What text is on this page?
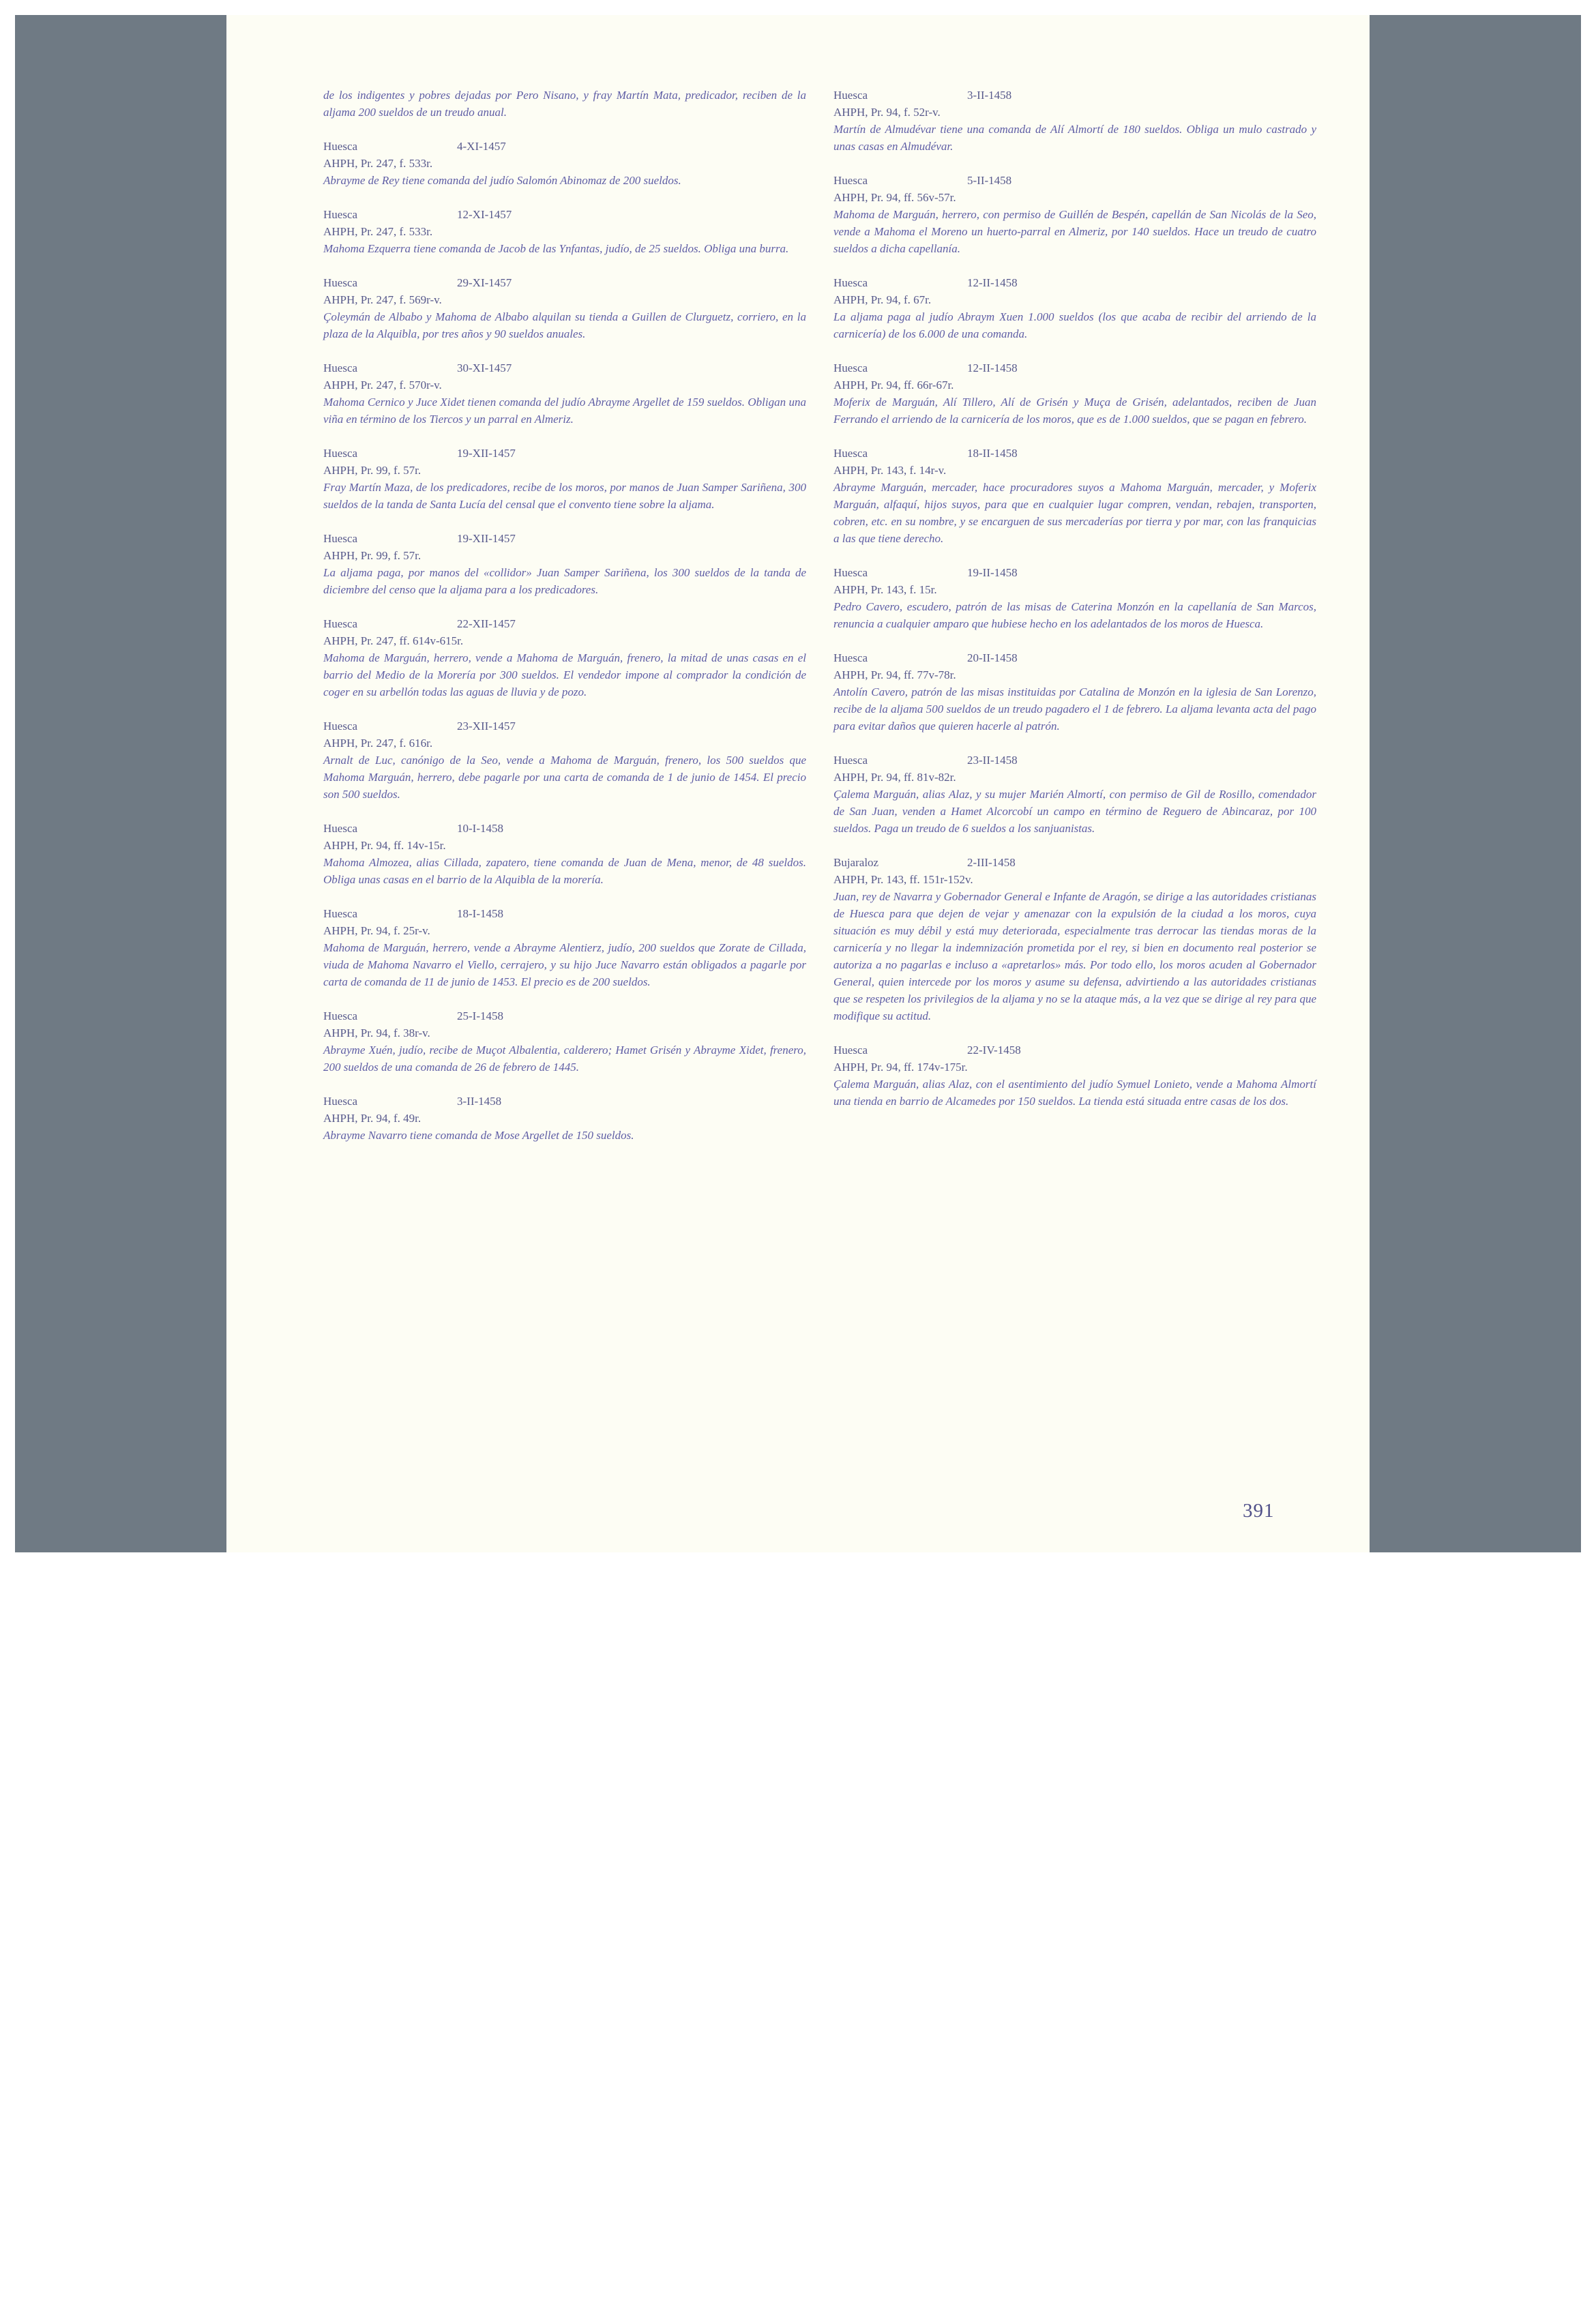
de los indigentes y pobres dejadas por Pero Nisano, y fray Martín Mata, predicador, reciben de la aljama 200 sueldos de un treudo anual.
Huesca	4-XI-1457
AHPH, Pr. 247, f. 533r.
Abrayme de Rey tiene comanda del judío Salomón Abinomaz de 200 sueldos.
Huesca	12-XI-1457
AHPH, Pr. 247, f. 533r.
Mahoma Ezquerra tiene comanda de Jacob de las Ynfantas, judío, de 25 sueldos. Obliga una burra.
Huesca	29-XI-1457
AHPH, Pr. 247, f. 569r-v.
Çoleymán de Albabo y Mahoma de Albabo alquilan su tienda a Guillen de Clurguetz, corriero, en la plaza de la Alquibla, por tres años y 90 sueldos anuales.
Huesca	30-XI-1457
AHPH, Pr. 247, f. 570r-v.
Mahoma Cernico y Juce Xidet tienen comanda del judío Abrayme Argellet de 159 sueldos. Obligan una viña en término de los Tiercos y un parral en Almeriz.
Huesca	19-XII-1457
AHPH, Pr. 99, f. 57r.
Fray Martín Maza, de los predicadores, recibe de los moros, por manos de Juan Samper Sariñena, 300 sueldos de la tanda de Santa Lucía del censal que el convento tiene sobre la aljama.
Huesca	19-XII-1457
AHPH, Pr. 99, f. 57r.
La aljama paga, por manos del «collidor» Juan Samper Sariñena, los 300 sueldos de la tanda de diciembre del censo que la aljama para a los predicadores.
Huesca	22-XII-1457
AHPH, Pr. 247, ff. 614v-615r.
Mahoma de Marguán, herrero, vende a Mahoma de Marguán, frenero, la mitad de unas casas en el barrio del Medio de la Morería por 300 sueldos. El vendedor impone al comprador la condición de coger en su arbellón todas las aguas de lluvia y de pozo.
Huesca	23-XII-1457
AHPH, Pr. 247, f. 616r.
Arnalt de Luc, canónigo de la Seo, vende a Mahoma de Marguán, frenero, los 500 sueldos que Mahoma Marguán, herrero, debe pagarle por una carta de comanda de 1 de junio de 1454. El precio son 500 sueldos.
Huesca	10-I-1458
AHPH, Pr. 94, ff. 14v-15r.
Mahoma Almozea, alias Cillada, zapatero, tiene comanda de Juan de Mena, menor, de 48 sueldos. Obliga unas casas en el barrio de la Alquibla de la morería.
Huesca	18-I-1458
AHPH, Pr. 94, f. 25r-v.
Mahoma de Marguán, herrero, vende a Abrayme Alentierz, judío, 200 sueldos que Zorate de Cillada, viuda de Mahoma Navarro el Viello, cerrajero, y su hijo Juce Navarro están obligados a pagarle por carta de comanda de 11 de junio de 1453. El precio es de 200 sueldos.
Huesca	25-I-1458
AHPH, Pr. 94, f. 38r-v.
Abrayme Xuén, judío, recibe de Muçot Albalentia, calderero; Hamet Grisén y Abrayme Xidet, frenero, 200 sueldos de una comanda de 26 de febrero de 1445.
Huesca	3-II-1458
AHPH, Pr. 94, f. 49r.
Abrayme Navarro tiene comanda de Mose Argellet de 150 sueldos.
Huesca	3-II-1458
AHPH, Pr. 94, f. 52r-v.
Martín de Almudévar tiene una comanda de Alí Almortí de 180 sueldos. Obliga un mulo castrado y unas casas en Almudévar.
Huesca	5-II-1458
AHPH, Pr. 94, ff. 56v-57r.
Mahoma de Marguán, herrero, con permiso de Guillén de Bespén, capellán de San Nicolás de la Seo, vende a Mahoma el Moreno un huerto-parral en Almeriz, por 140 sueldos. Hace un treudo de cuatro sueldos a dicha capellanía.
Huesca	12-II-1458
AHPH, Pr. 94, f. 67r.
La aljama paga al judío Abraym Xuen 1.000 sueldos (los que acaba de recibir del arriendo de la carnicería) de los 6.000 de una comanda.
Huesca	12-II-1458
AHPH, Pr. 94, ff. 66r-67r.
Moferix de Marguán, Alí Tillero, Alí de Grisén y Muça de Grisén, adelantados, reciben de Juan Ferrando el arriendo de la carnicería de los moros, que es de 1.000 sueldos, que se pagan en febrero.
Huesca	18-II-1458
AHPH, Pr. 143, f. 14r-v.
Abrayme Marguán, mercader, hace procuradores suyos a Mahoma Marguán, mercader, y Moferix Marguán, alfaquí, hijos suyos, para que en cualquier lugar compren, vendan, rebajen, transporten, cobren, etc. en su nombre, y se encarguen de sus mercaderías por tierra y por mar, con las franquicias a las que tiene derecho.
Huesca	19-II-1458
AHPH, Pr. 143, f. 15r.
Pedro Cavero, escudero, patrón de las misas de Caterina Monzón en la capellanía de San Marcos, renuncia a cualquier amparo que hubiese hecho en los adelantados de los moros de Huesca.
Huesca	20-II-1458
AHPH, Pr. 94, ff. 77v-78r.
Antolín Cavero, patrón de las misas instituidas por Catalina de Monzón en la iglesia de San Lorenzo, recibe de la aljama 500 sueldos de un treudo pagadero el 1 de febrero. La aljama levanta acta del pago para evitar daños que quieren hacerle al patrón.
Huesca	23-II-1458
AHPH, Pr. 94, ff. 81v-82r.
Çalema Marguán, alias Alaz, y su mujer Marién Almortí, con permiso de Gil de Rosillo, comendador de San Juan, venden a Hamet Alcorcobí un campo en término de Reguero de Abincaraz, por 100 sueldos. Paga un treudo de 6 sueldos a los sanjuanistas.
Bujaraloz	2-III-1458
AHPH, Pr. 143, ff. 151r-152v.
Juan, rey de Navarra y Gobernador General e Infante de Aragón, se dirige a las autoridades cristianas de Huesca para que dejen de vejar y amenazar con la expulsión de la ciudad a los moros, cuya situación es muy débil y está muy deteriorada, especialmente tras derrocar las tiendas moras de la carnicería y no llegar la indemnización prometida por el rey, si bien en documento real posterior se autoriza a no pagarlas e incluso a «apretarlos» más. Por todo ello, los moros acuden al Gobernador General, quien intercede por los moros y asume su defensa, advirtiendo a las autoridades cristianas que se respeten los privilegios de la aljama y no se la ataque más, a la vez que se dirige al rey para que modifique su actitud.
Huesca	22-IV-1458
AHPH, Pr. 94, ff. 174v-175r.
Çalema Marguán, alias Alaz, con el asentimiento del judío Symuel Lonieto, vende a Mahoma Almortí una tienda en barrio de Alcamedes por 150 sueldos. La tienda está situada entre casas de los dos.
391
